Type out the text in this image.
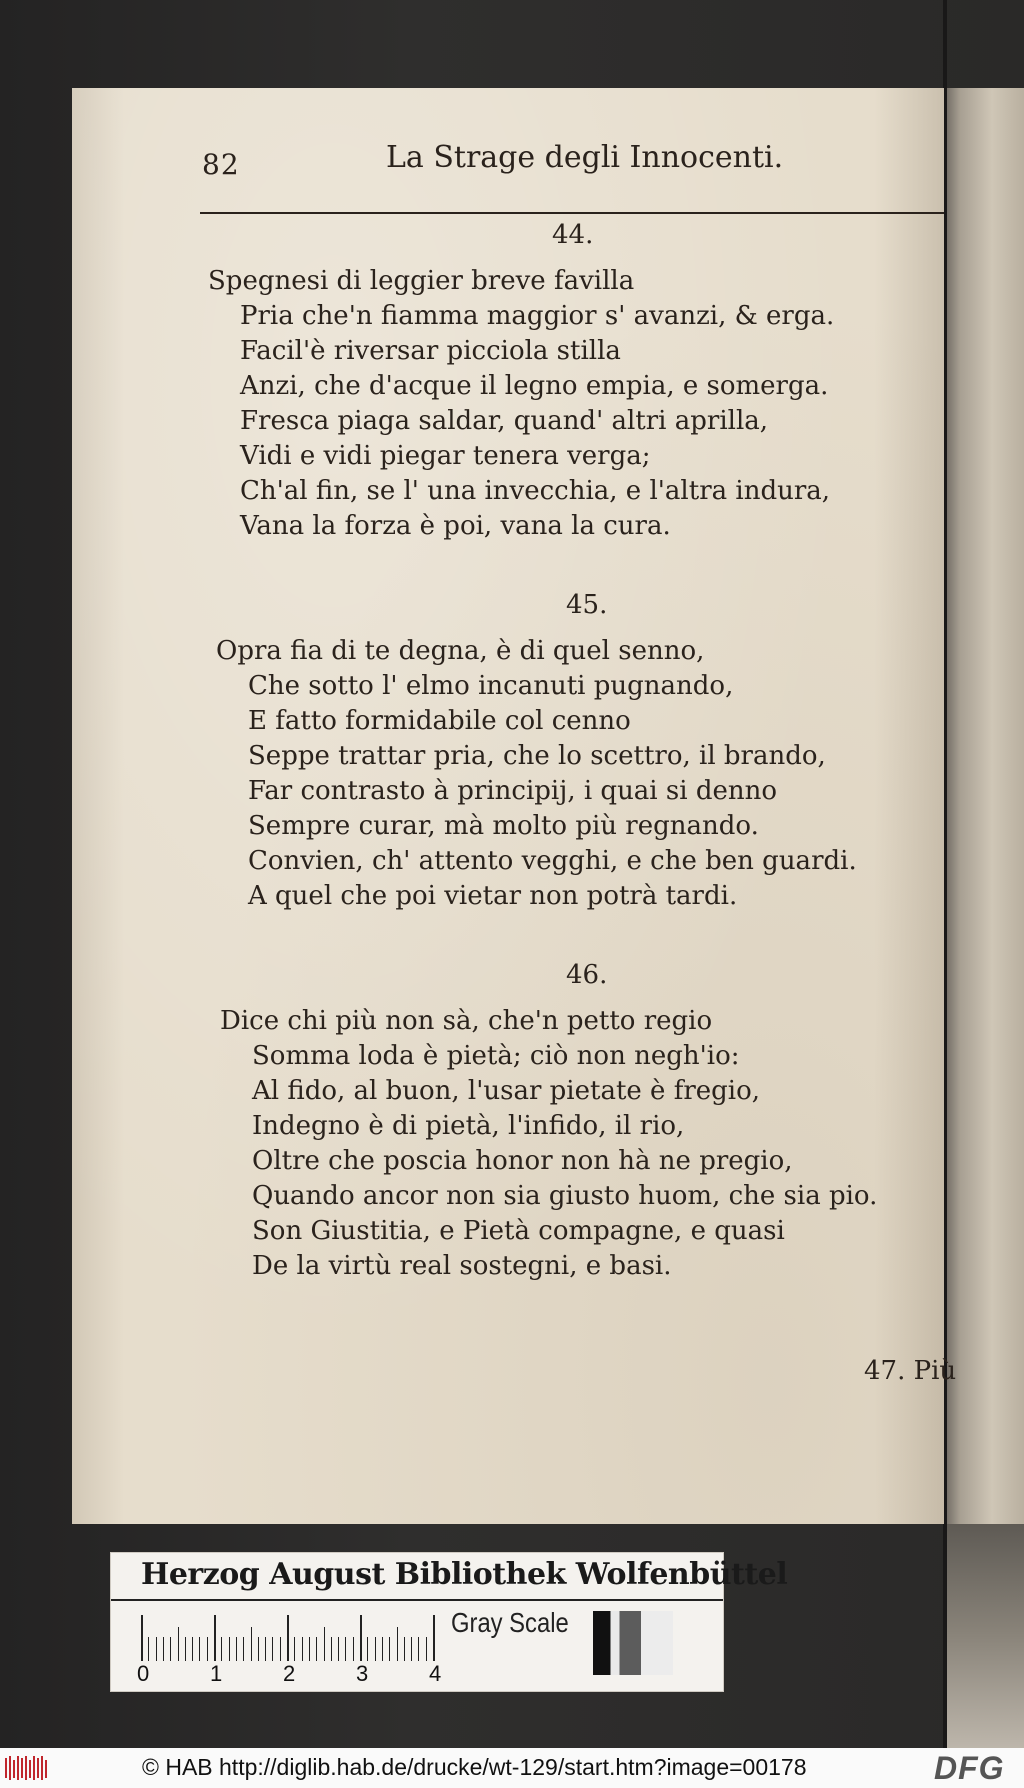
82	La Strage degli Innocenti.
44.
Spegnesi di leggier breve favilla
Pria che'n fiamma maggior s' avanzi, & erga.
Facil'è riversar picciola stilla
Anzi, che d'acque il legno empia, e somerga.
Fresca piaga saldar, quand' altri aprilla,
Vidi e vidi piegar tenera verga;
Ch'al fin, se l' una invecchia, e l'altra indura,
Vana la forza è poi, vana la cura.
45.
Opra fia di te degna, è di quel senno,
Che sotto l' elmo incanuti pugnando,
E fatto formidabile col cenno
Seppe trattar pria, che lo scettro, il brando,
Far contrasto à principij, i quai si denno
Sempre curar, mà molto più regnando.
Convien, ch' attento vegghi, e che ben guardi.
A quel che poi vietar non potrà tardi.
46.
Dice chi più non sà, che'n petto regio
Somma loda è pietà; ciò non negh'io:
Al fido, al buon, l'usar pietate è fregio,
Indegno è di pietà, l'infido, il rio,
Oltre che poscia honor non hà ne pregio,
Quando ancor non sia giusto huom, che sia pio.
Son Giustitia, e Pietà compagne, e quasi
De la virtù real sostegni, e basi.
47. Più
Herzog August Bibliothek Wolfenbüttel
0	1	2	3	4
Gray Scale
© HAB http://diglib.hab.de/drucke/wt-129/start.htm?image=00178	DFG
